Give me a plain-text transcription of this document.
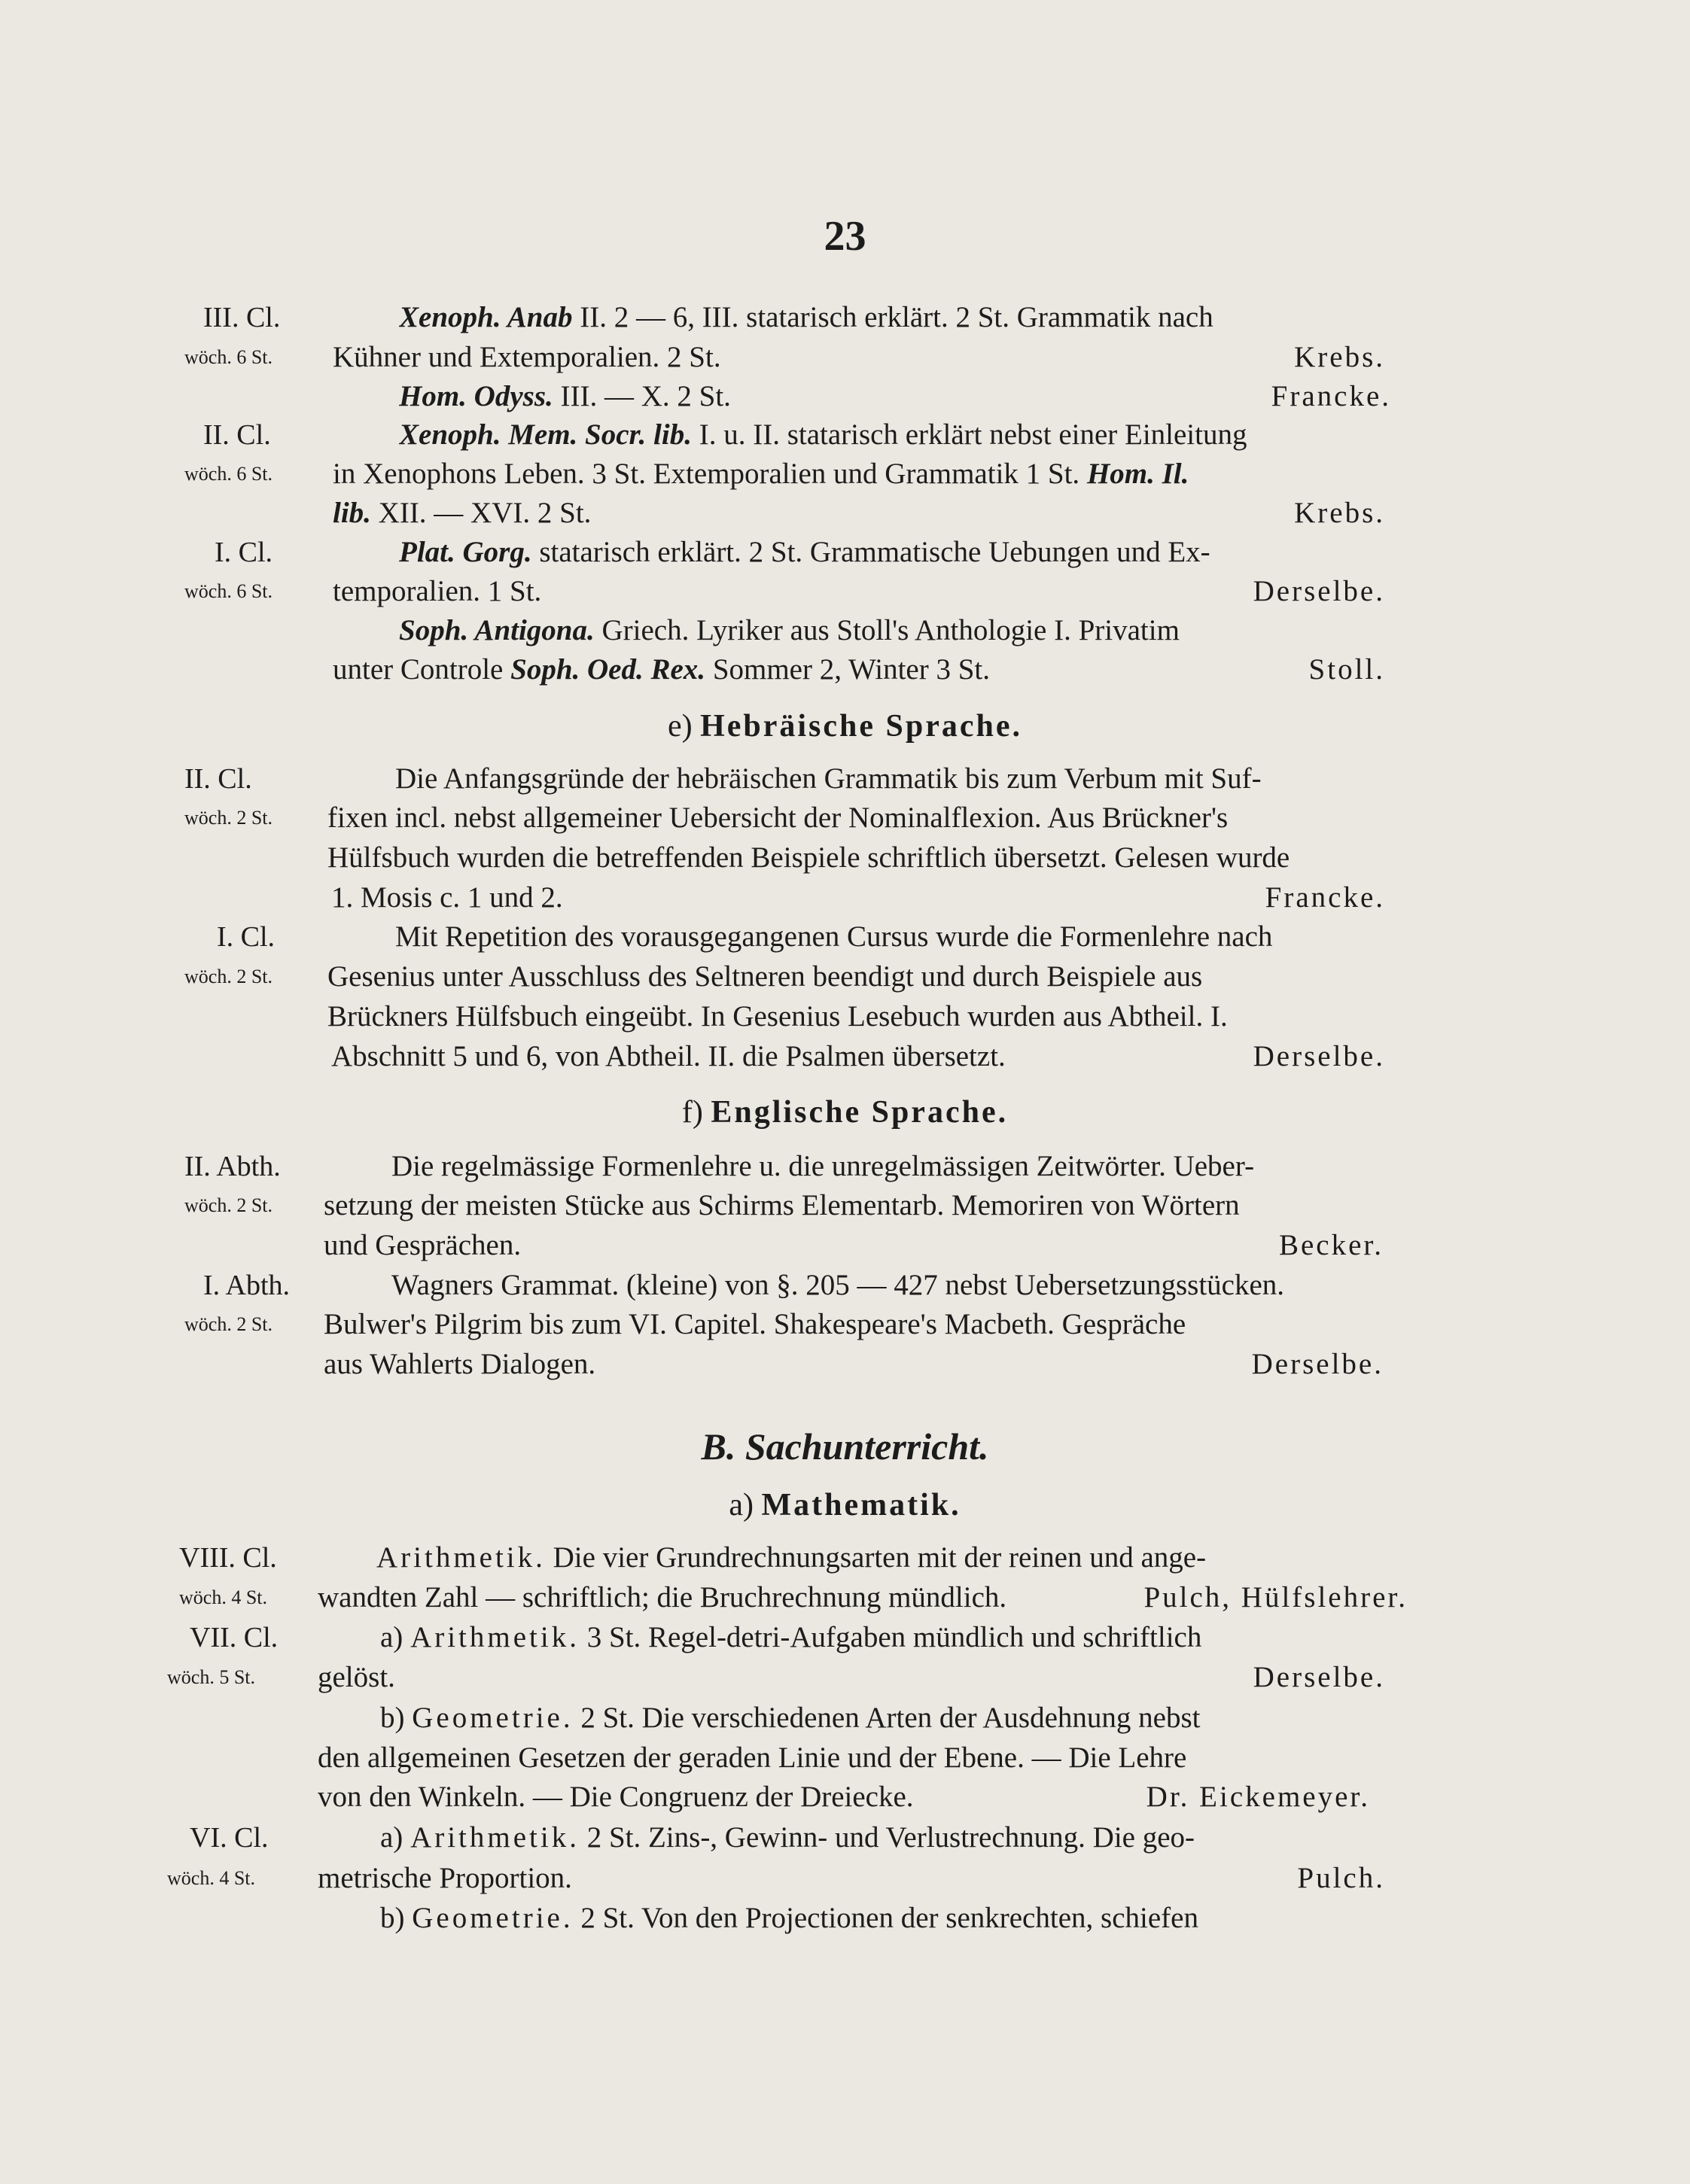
23
III. Cl.	Xenoph. Anab II. 2 — 6, III. statarisch erklärt. 2 St. Grammatik nach
wöch. 6 St. Kühner und Extemporalien. 2 St.	Krebs.
Hom. Odyss. III. — X. 2 St.	Francke.
II. Cl.	Xenoph. Mem. Socr. lib. I. u. II. statarisch erklärt nebst einer Einleitung
wöch. 6 St. in Xenophons Leben. 3 St. Extemporalien und Grammatik 1 St. Hom. Il.
lib. XII. — XVI. 2 St.	Krebs.
I. Cl.	Plat. Gorg. statarisch erklärt. 2 St. Grammatische Uebungen und Ex-
wöch. 6 St. temporalien. 1 St.	Derselbe.
Soph. Antigona. Griech. Lyriker aus Stoll's Anthologie I. Privatim
unter Controle Soph. Oed. Rex. Sommer 2, Winter 3 St.	Stoll.
e) Hebräische Sprache.
II. Cl.	Die Anfangsgründe der hebräischen Grammatik bis zum Verbum mit Suf-
wöch. 2 St. fixen incl. nebst allgemeiner Uebersicht der Nominalflexion. Aus Brückner's
Hülfsbuch wurden die betreffenden Beispiele schriftlich übersetzt. Gelesen wurde
1. Mosis c. 1 und 2.	Francke.
I. Cl.	Mit Repetition des vorausgegangenen Cursus wurde die Formenlehre nach
wöch. 2 St. Gesenius unter Ausschluss des Seltneren beendigt und durch Beispiele aus
Brückners Hülfsbuch eingeübt. In Gesenius Lesebuch wurden aus Abtheil. I.
Abschnitt 5 und 6, von Abtheil. II. die Psalmen übersetzt.	Derselbe.
f) Englische Sprache.
II. Abth.	Die regelmässige Formenlehre u. die unregelmässigen Zeitwörter. Ueber-
wöch. 2 St. setzung der meisten Stücke aus Schirms Elementarb. Memoriren von Wörtern
und Gesprächen.	Becker.
I. Abth.	Wagners Grammat. (kleine) von §. 205 — 427 nebst Uebersetzungsstücken.
wöch. 2 St. Bulwer's Pilgrim bis zum VI. Capitel. Shakespeare's Macbeth. Gespräche
aus Wahlerts Dialogen.	Derselbe.
B. Sachunterricht.
a) Mathematik.
VIII. Cl.	Arithmetik. Die vier Grundrechnungsarten mit der reinen und ange-
wöch. 4 St. wandten Zahl — schriftlich; die Bruchrechnung mündlich.	Pulch, Hülfslehrer.
VII. Cl.	a) Arithmetik. 3 St. Regel-detri-Aufgaben mündlich und schriftlich
wöch. 5 St. gelöst.	Derselbe.
b) Geometrie. 2 St. Die verschiedenen Arten der Ausdehnung nebst
den allgemeinen Gesetzen der geraden Linie und der Ebene. — Die Lehre
von den Winkeln. — Die Congruenz der Dreiecke.	Dr. Eickemeyer.
VI. Cl.	a) Arithmetik. 2 St. Zins-, Gewinn- und Verlustrechnung. Die geo-
wöch. 4 St. metrische Proportion.	Pulch.
b) Geometrie. 2 St. Von den Projectionen der senkrechten, schiefen
